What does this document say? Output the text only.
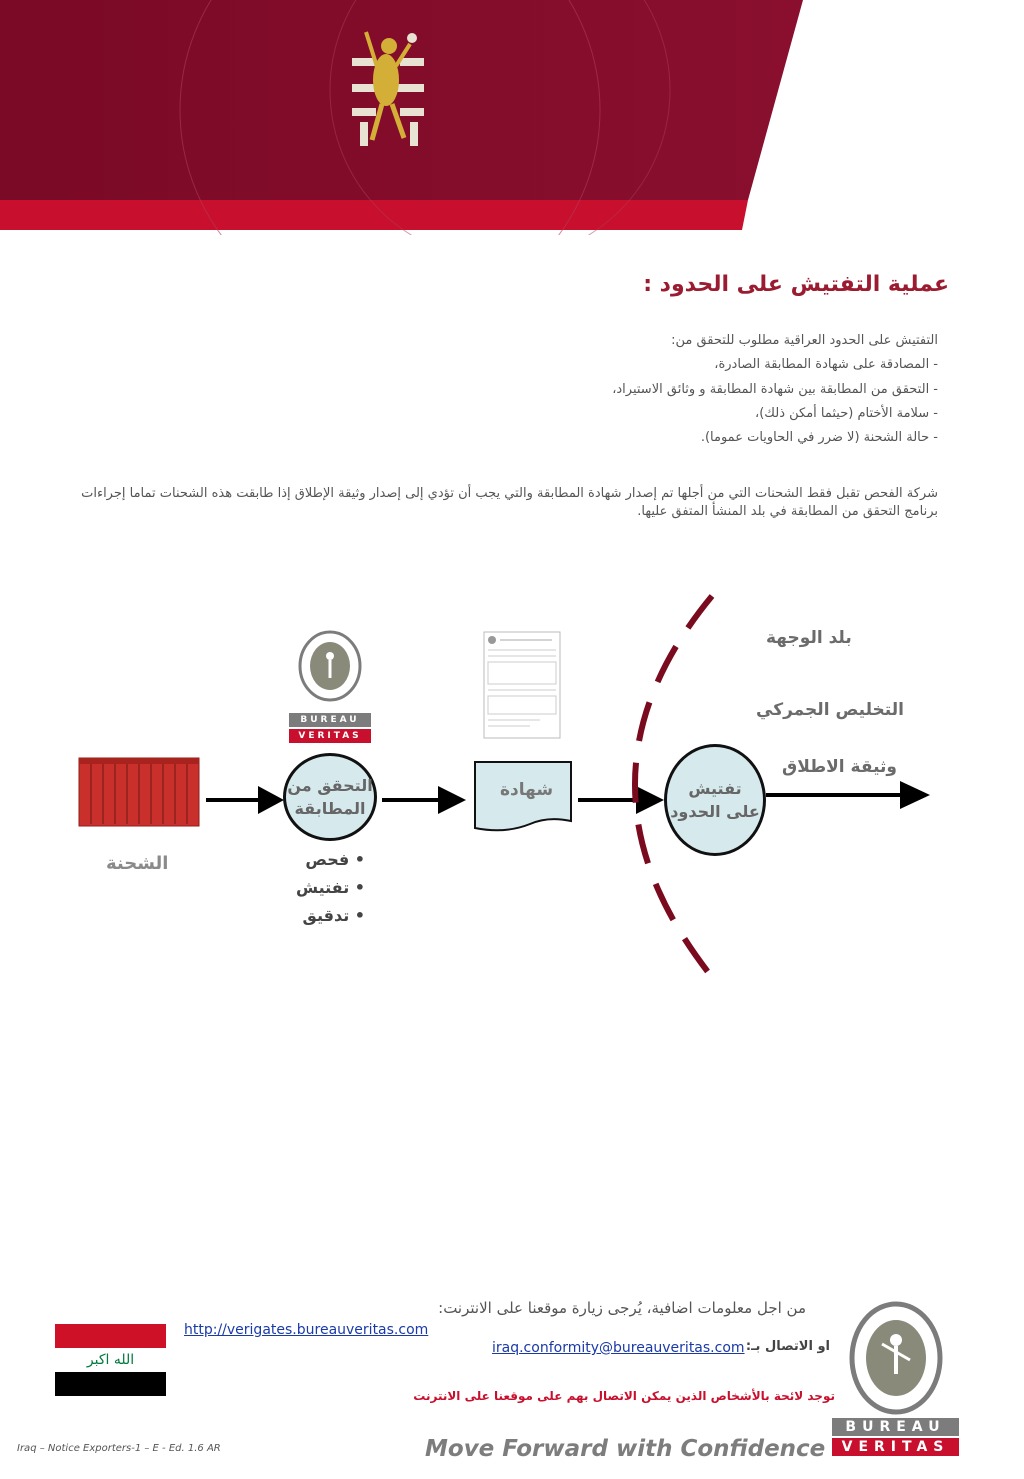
عملية التفتيش على الحدود :
التفتيش على الحدود العراقية مطلوب للتحقق من:
- المصادقة على شهادة المطابقة الصادرة،
- التحقق من المطابقة بين شهادة المطابقة و وثائق الاستيراد،
- سلامة الأختام (حيثما أمكن ذلك)،
- حالة الشحنة (لا ضرر في الحاويات عموما).
شركة الفحص تقبل فقط الشحنات التي من أجلها تم إصدار شهادة المطابقة والتي يجب أن تؤدي إلى إصدار وثيقة الإطلاق إذا طابقت هذه الشحنات تماما إجراءات
برنامج التحقق من المطابقة في بلد المنشأ المتفق عليها.
BUREAU
VERITAS
التحقق من
المطابقة
تفتيش
على الحدود
شهادة
الشحنة	• فحص
• تفتيش
• تدقيق
بلد الوجهة
التخليص الجمركي
وثيقة الاطلاق
الله اكبر
من اجل معلومات اضافية، يُرجى زيارة موقعنا على الانترنت:
http://verigates.bureauveritas.com
او الاتصال بـ:
iraq.conformity@bureauveritas.com
توجد لائحة بالأشخاص الذين يمكن الاتصال بهم على موقعنا على الانترنت
Move Forward with Confidence
Iraq – Notice Exporters-1 – E - Ed. 1.6 AR
BUREAU
VERITAS
